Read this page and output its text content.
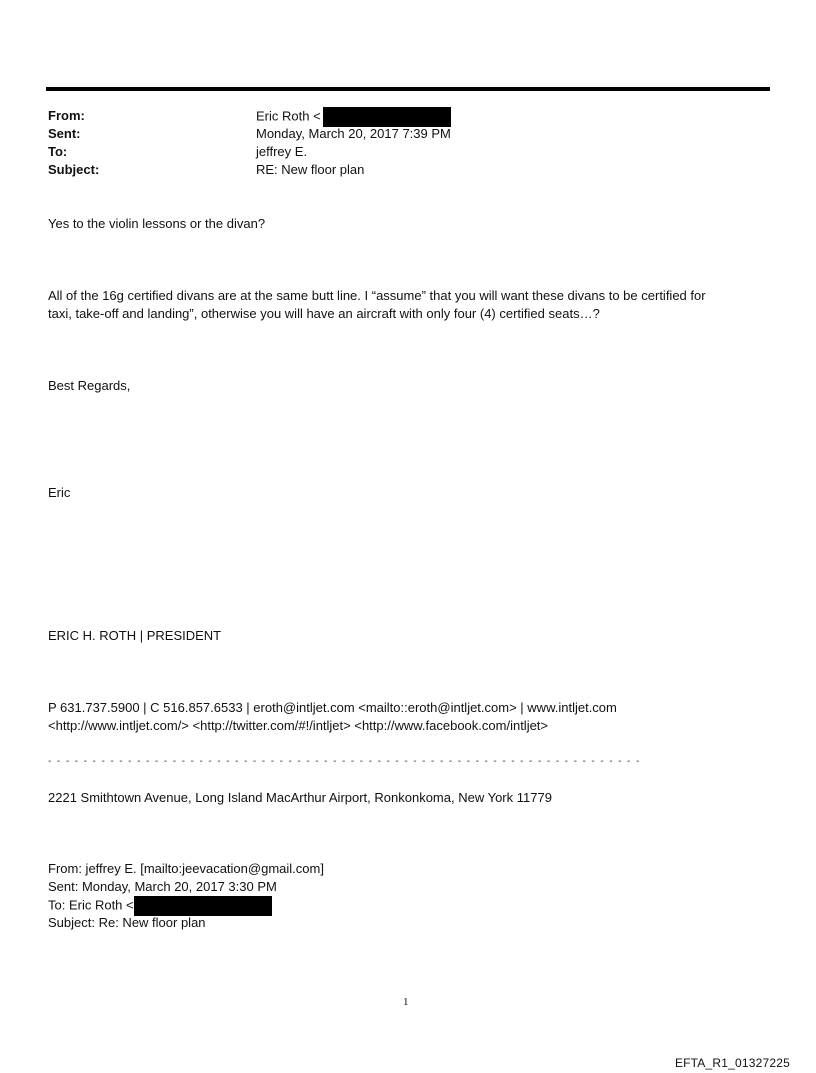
From:	Eric Roth <
Sent:	Monday, March 20, 2017 7:39 PM
To:	jeffrey E.
Subject:	RE: New floor plan
Yes to the violin lessons or the divan?
All of the 16g certified divans are at the same butt line. I “assume” that you will want these divans to be certified for
taxi, take-off and landing”, otherwise you will have an aircraft with only four (4) certified seats…?
Best Regards,
Eric
ERIC H. ROTH | PRESIDENT
P 631.737.5900 | C 516.857.6533 | eroth@intljet.com <mailto::eroth@intljet.com> | www.intljet.com
<http://www.intljet.com/> <http://twitter.com/#!/intljet> <http://www.facebook.com/intljet>
- - - - - - - - - - - - - - - - - - - - - - - - - - - - - - - - - - - - - - - - - - - - - - - - - - - - - - - - - - - - - - - - - - -
2221 Smithtown Avenue, Long Island MacArthur Airport, Ronkonkoma, New York 11779
From: jeffrey E. [mailto:jeevacation@gmail.com]
Sent: Monday, March 20, 2017 3:30 PM
To: Eric Roth <
Subject: Re: New floor plan
1
EFTA_R1_01327225
